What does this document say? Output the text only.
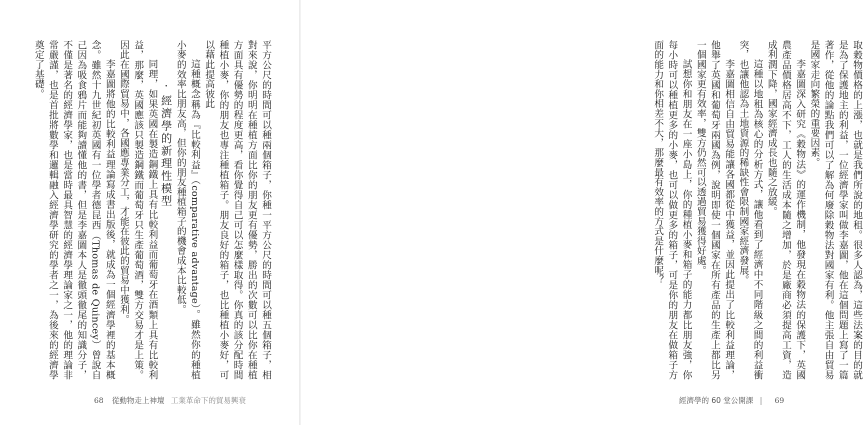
平方公尺的時間可以種兩個箱子，你種一平方公尺的時間可以種五個箱子，相對來說，你明明在種植方面比你的朋友更有優勢，勝出的次數可以比你在種植方面具有優勢的程度更高，看你覺得自己可以怎麼樣取得。你真的該分配時間種植小麥，你的朋友也專注種植箱子。朋友良好的箱子，也比種植小麥好，可以藉此提高彼此

這種概念稱為『比較利益』（comparative advantage）。雖然你的種植小麥的效率比朋友高，但你的朋友種植箱子的機會成本比較低。

· 經濟學的新理性模型

同理，如果英國在製造鋼鐵上具有比較利益而葡萄牙在酒類上具有比較利益，那麼，英國應該只製造鋼鐵而葡萄牙只生產葡萄酒，雙方交易才是上策。因此在國際貿易中，各國應專業分工，才能在彼此的貿易中獲利。

李嘉圖將他的比較利益理論寫成書出版後，就成為一個經濟學裡的基本概念。雖然十九世紀初英國有一位學者德昆西（Thomas de Quincey）曾說自己因為吸食鴉片而能夠讀懂他的書，但是李嘉圖本人是徹頭徹尾的知識分子，不僅是著名的經濟學家，也是當時最具智慧的經濟學理論家之一，他的理論非常嚴謹，也是首批將數學和邏輯融入經濟學研究的學者之一，為後來的經濟學奠定了基礎。

68 從動物走上神壇 工業革命下的貿易興衰

取穀物價格的上漲，也就是我們所說的地租。很多人認為，這些法案的目的就是為了保護地主的利益，一位經濟學家叫做李嘉圖，他在這個問題上寫了一篇著作，從他的論點我們可以了解為何廢除穀物法對國家有利。他主張自由貿易是國家走向繁榮的重要因素。

李嘉圖深入研究《穀物法》的運作機制，他發現在穀物法的保護下，英國農產品價格居高不下，工人的生活成本隨之增加，於是廠商必須提高工資，造成利潤下降，國家經濟成長也隨之放緩。

這種以地租為核心的分析方式，讓他看到了經濟中不同階級之間的利益衝突，也讓他認為土地資源的稀缺性會限制國家經濟發展。

李嘉圖相信自由貿易能讓各國都從中獲益，並因此提出了比較利益理論，他舉了英國和葡萄牙兩國為例，說明即使一個國家在所有產品的生產上都比另一個國家更有效率，雙方仍然可以透過貿易獲得好處。

試想你和朋友在一座小島上，你的種植小麥和箱子的能力都比朋友強，你每小時可以種植更多的小麥，也可以做更多的箱子，可是你的朋友在做箱子方面的能力和你相差不大，那麼最有效率的方式是什麼呢？

經濟學的 60 堂公開課 | 69
